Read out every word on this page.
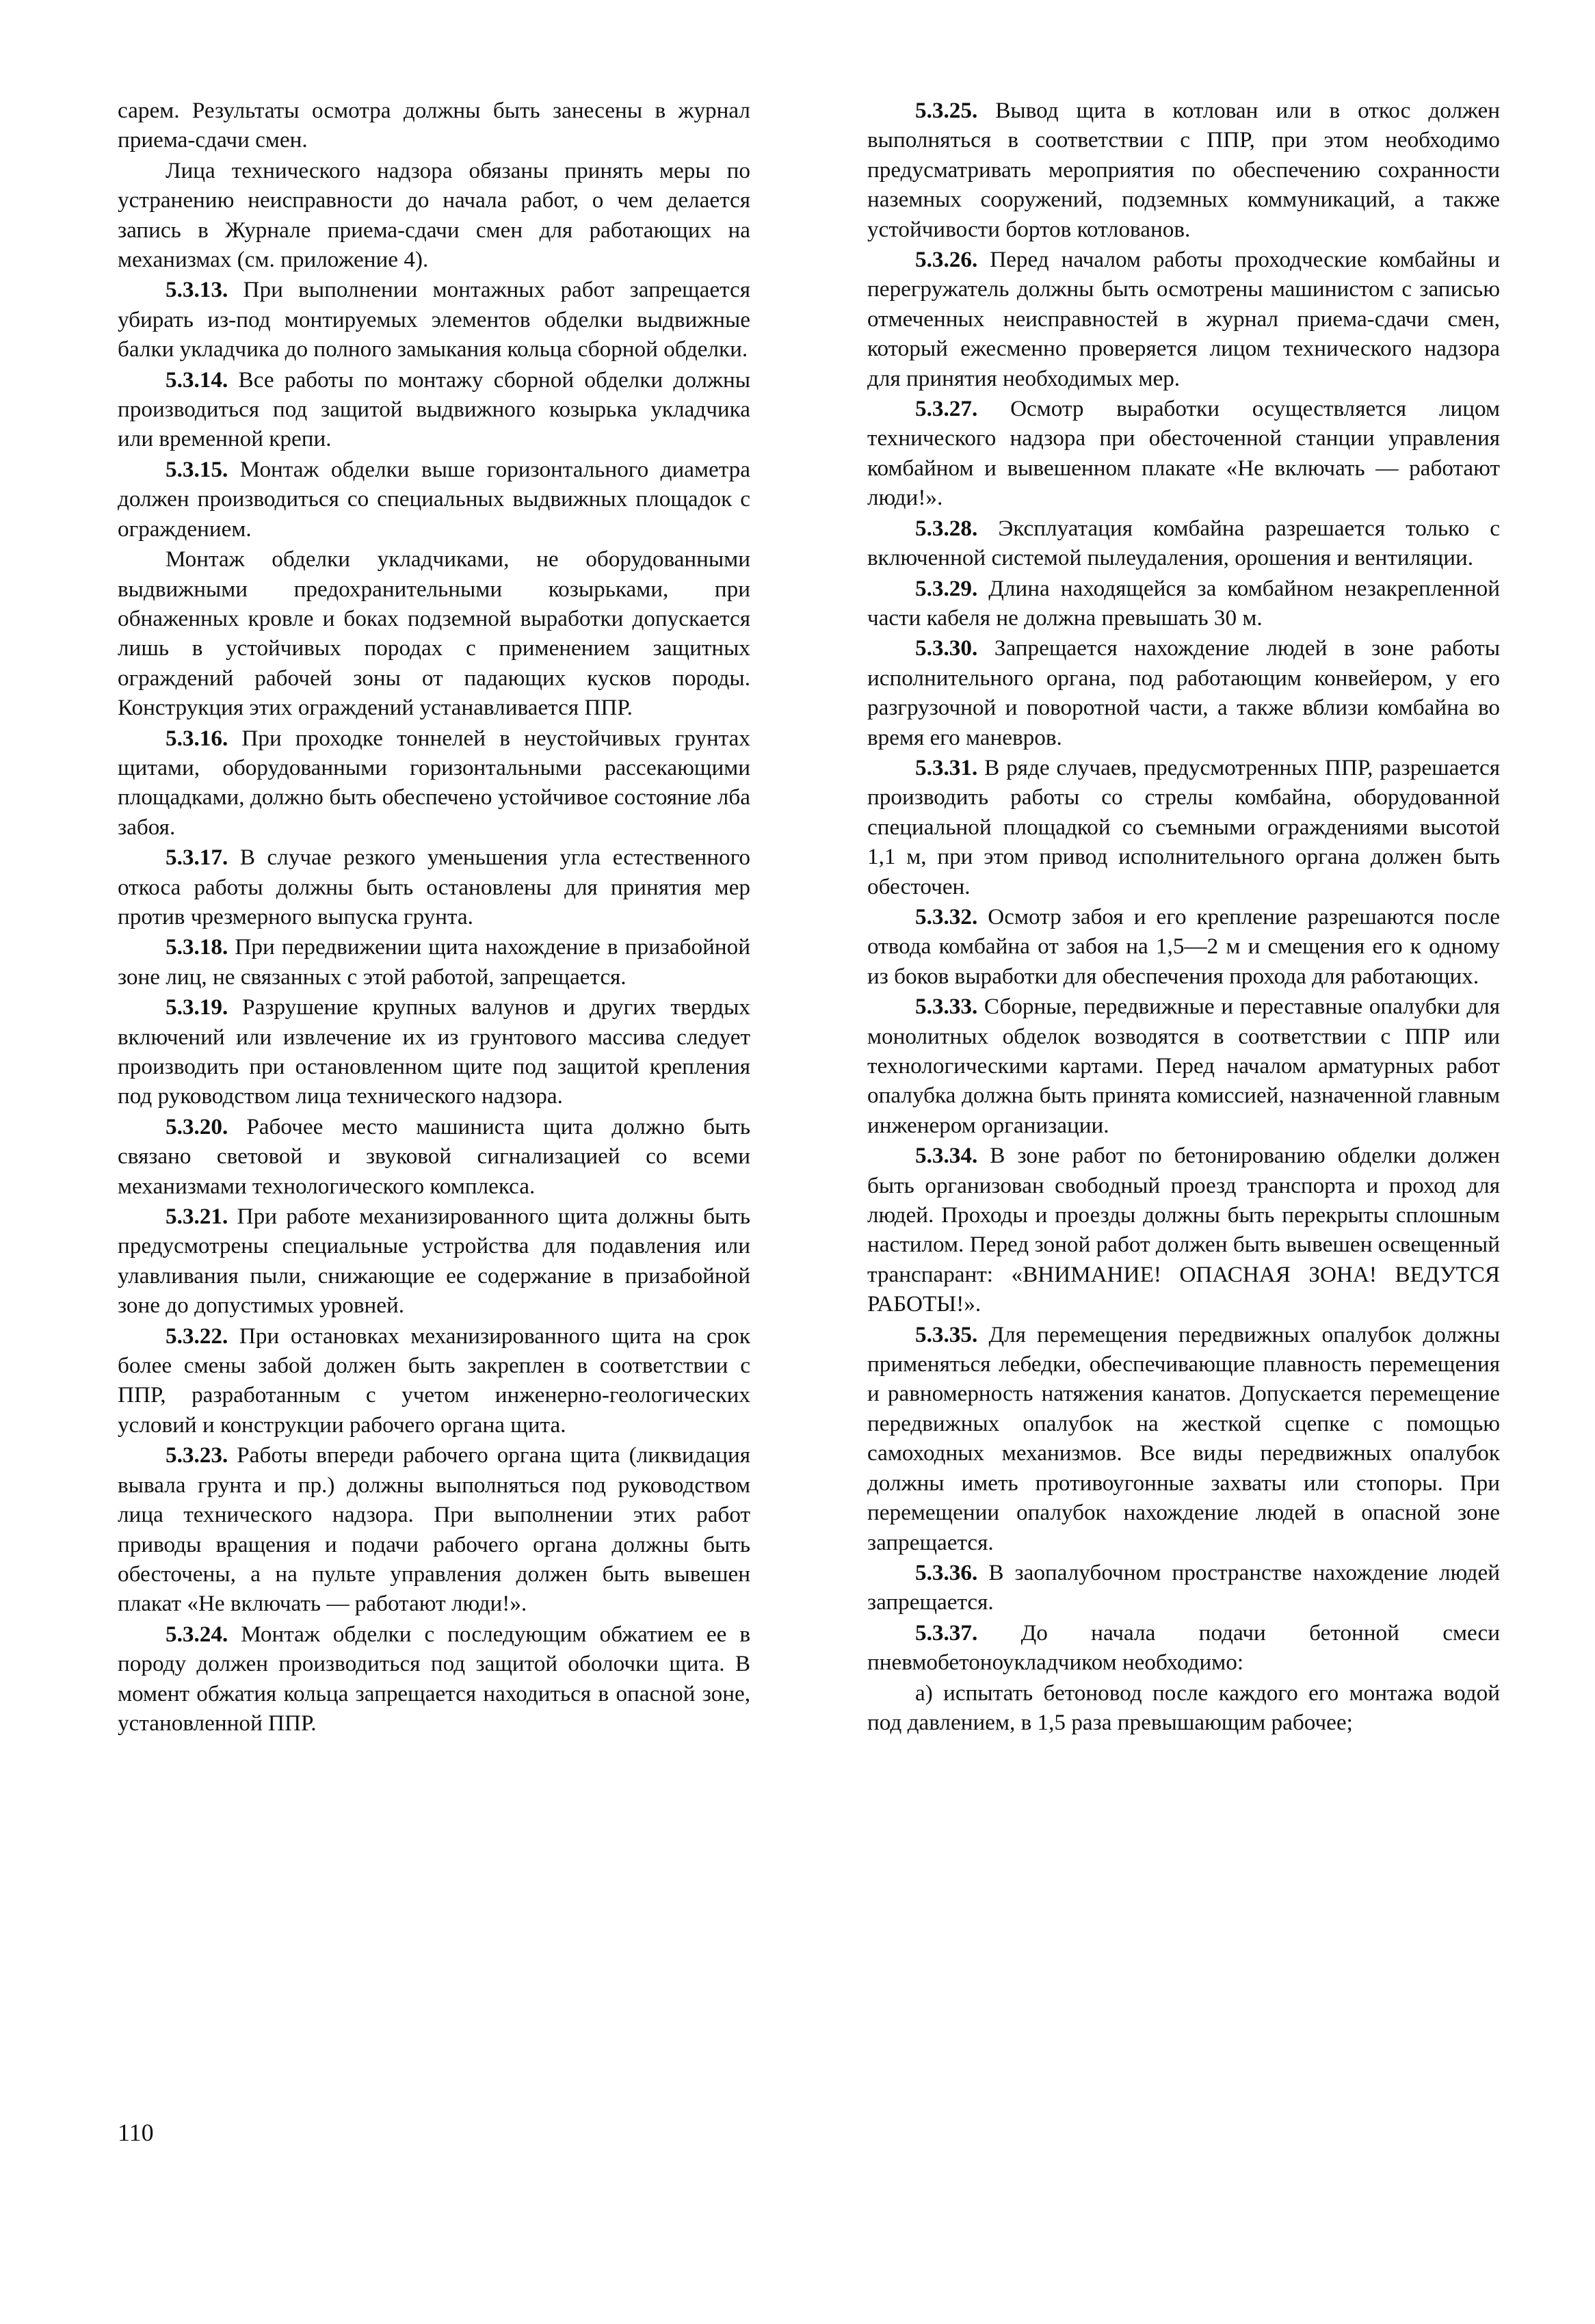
сарем. Результаты осмотра должны быть занесены в журнал приема-сдачи смен.

Лица технического надзора обязаны принять меры по устранению неисправности до начала работ, о чем делается запись в Журнале приема-сдачи смен для работающих на механизмах (см. приложение 4).

5.3.13. При выполнении монтажных работ запрещается убирать из-под монтируемых элементов обделки выдвижные балки укладчика до полного замыкания кольца сборной обделки.

5.3.14. Все работы по монтажу сборной обделки должны производиться под защитой выдвижного козырька укладчика или временной крепи.

5.3.15. Монтаж обделки выше горизонтального диаметра должен производиться со специальных выдвижных площадок с ограждением.

Монтаж обделки укладчиками, не оборудованными выдвижными предохранительными козырьками, при обнаженных кровле и боках подземной выработки допускается лишь в устойчивых породах с применением защитных ограждений рабочей зоны от падающих кусков породы. Конструкция этих ограждений устанавливается ППР.

5.3.16. При проходке тоннелей в неустойчивых грунтах щитами, оборудованными горизонтальными рассекающими площадками, должно быть обеспечено устойчивое состояние лба забоя.

5.3.17. В случае резкого уменьшения угла естественного откоса работы должны быть остановлены для принятия мер против чрезмерного выпуска грунта.

5.3.18. При передвижении щита нахождение в призабойной зоне лиц, не связанных с этой работой, запрещается.

5.3.19. Разрушение крупных валунов и других твердых включений или извлечение их из грунтового массива следует производить при остановленном щите под защитой крепления под руководством лица технического надзора.

5.3.20. Рабочее место машиниста щита должно быть связано световой и звуковой сигнализацией со всеми механизмами технологического комплекса.

5.3.21. При работе механизированного щита должны быть предусмотрены специальные устройства для подавления или улавливания пыли, снижающие ее содержание в призабойной зоне до допустимых уровней.

5.3.22. При остановках механизированного щита на срок более смены забой должен быть закреплен в соответствии с ППР, разработанным с учетом инженерно-геологических условий и конструкции рабочего органа щита.

5.3.23. Работы впереди рабочего органа щита (ликвидация вывала грунта и пр.) должны выполняться под руководством лица технического надзора. При выполнении этих работ приводы вращения и подачи рабочего органа должны быть обесточены, а на пульте управления должен быть вывешен плакат «Не включать — работают люди!».

5.3.24. Монтаж обделки с последующим обжатием ее в породу должен производиться под защитой оболочки щита. В момент обжатия кольца запрещается находиться в опасной зоне, установленной ППР.

5.3.25. Вывод щита в котлован или в откос должен выполняться в соответствии с ППР, при этом необходимо предусматривать мероприятия по обеспечению сохранности наземных сооружений, подземных коммуникаций, а также устойчивости бортов котлованов.

5.3.26. Перед началом работы проходческие комбайны и перегружатель должны быть осмотрены машинистом с записью отмеченных неисправностей в журнал приема-сдачи смен, который ежесменно проверяется лицом технического надзора для принятия необходимых мер.

5.3.27. Осмотр выработки осуществляется лицом технического надзора при обесточенной станции управления комбайном и вывешенном плакате «Не включать — работают люди!».

5.3.28. Эксплуатация комбайна разрешается только с включенной системой пылеудаления, орошения и вентиляции.

5.3.29. Длина находящейся за комбайном незакрепленной части кабеля не должна превышать 30 м.

5.3.30. Запрещается нахождение людей в зоне работы исполнительного органа, под работающим конвейером, у его разгрузочной и поворотной части, а также вблизи комбайна во время его маневров.

5.3.31. В ряде случаев, предусмотренных ППР, разрешается производить работы со стрелы комбайна, оборудованной специальной площадкой со съемными ограждениями высотой 1,1 м, при этом привод исполнительного органа должен быть обесточен.

5.3.32. Осмотр забоя и его крепление разрешаются после отвода комбайна от забоя на 1,5—2 м и смещения его к одному из боков выработки для обеспечения прохода для работающих.

5.3.33. Сборные, передвижные и переставные опалубки для монолитных обделок возводятся в соответствии с ППР или технологическими картами. Перед началом арматурных работ опалубка должна быть принята комиссией, назначенной главным инженером организации.

5.3.34. В зоне работ по бетонированию обделки должен быть организован свободный проезд транспорта и проход для людей. Проходы и проезды должны быть перекрыты сплошным настилом. Перед зоной работ должен быть вывешен освещенный транспарант: «ВНИМАНИЕ! ОПАСНАЯ ЗОНА! ВЕДУТСЯ РАБОТЫ!».

5.3.35. Для перемещения передвижных опалубок должны применяться лебедки, обеспечивающие плавность перемещения и равномерность натяжения канатов. Допускается перемещение передвижных опалубок на жесткой сцепке с помощью самоходных механизмов. Все виды передвижных опалубок должны иметь противоугонные захваты или стопоры. При перемещении опалубок нахождение людей в опасной зоне запрещается.

5.3.36. В заопалубочном пространстве нахождение людей запрещается.

5.3.37. До начала подачи бетонной смеси пневмобетоноукладчиком необходимо:

а) испытать бетоновод после каждого его монтажа водой под давлением, в 1,5 раза превышающим рабочее;

110
